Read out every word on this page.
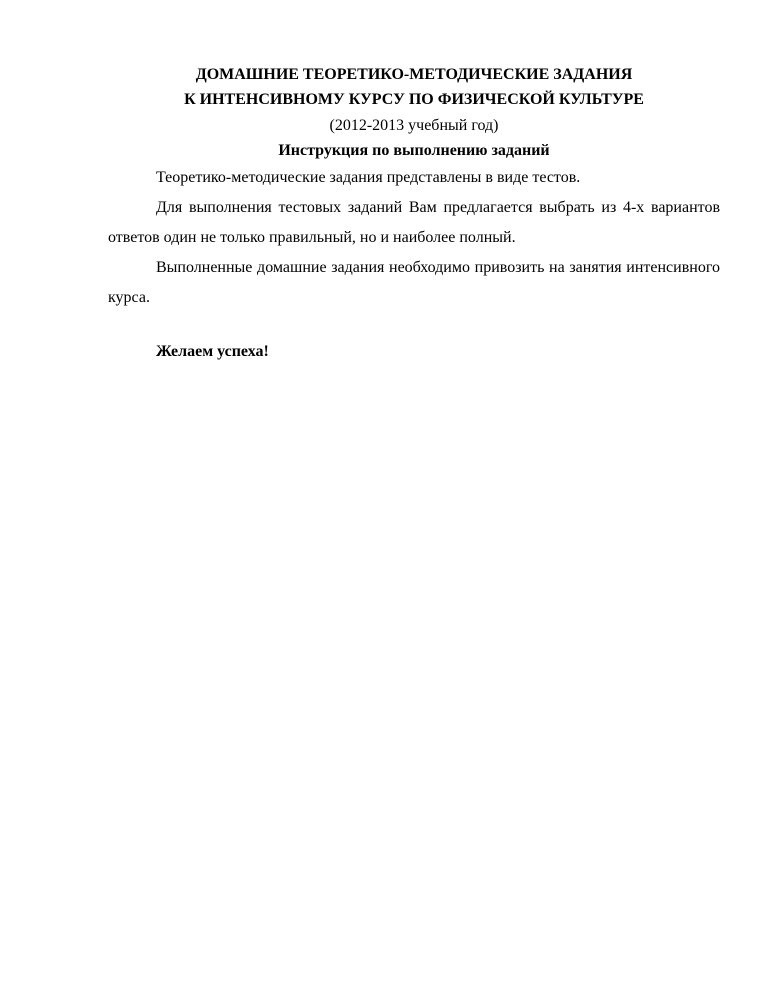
ДОМАШНИЕ ТЕОРЕТИКО-МЕТОДИЧЕСКИЕ ЗАДАНИЯ

К ИНТЕНСИВНОМУ КУРСУ ПО ФИЗИЧЕСКОЙ КУЛЬТУРЕ

(2012-2013 учебный год)

Инструкция по выполнению заданий

Теоретико-методические задания представлены в виде тестов.

Для выполнения тестовых заданий Вам предлагается выбрать из 4-х вариантов ответов один не только правильный, но и наиболее полный.

Выполненные домашние задания необходимо привозить на занятия интенсивного курса.

Желаем успеха!
